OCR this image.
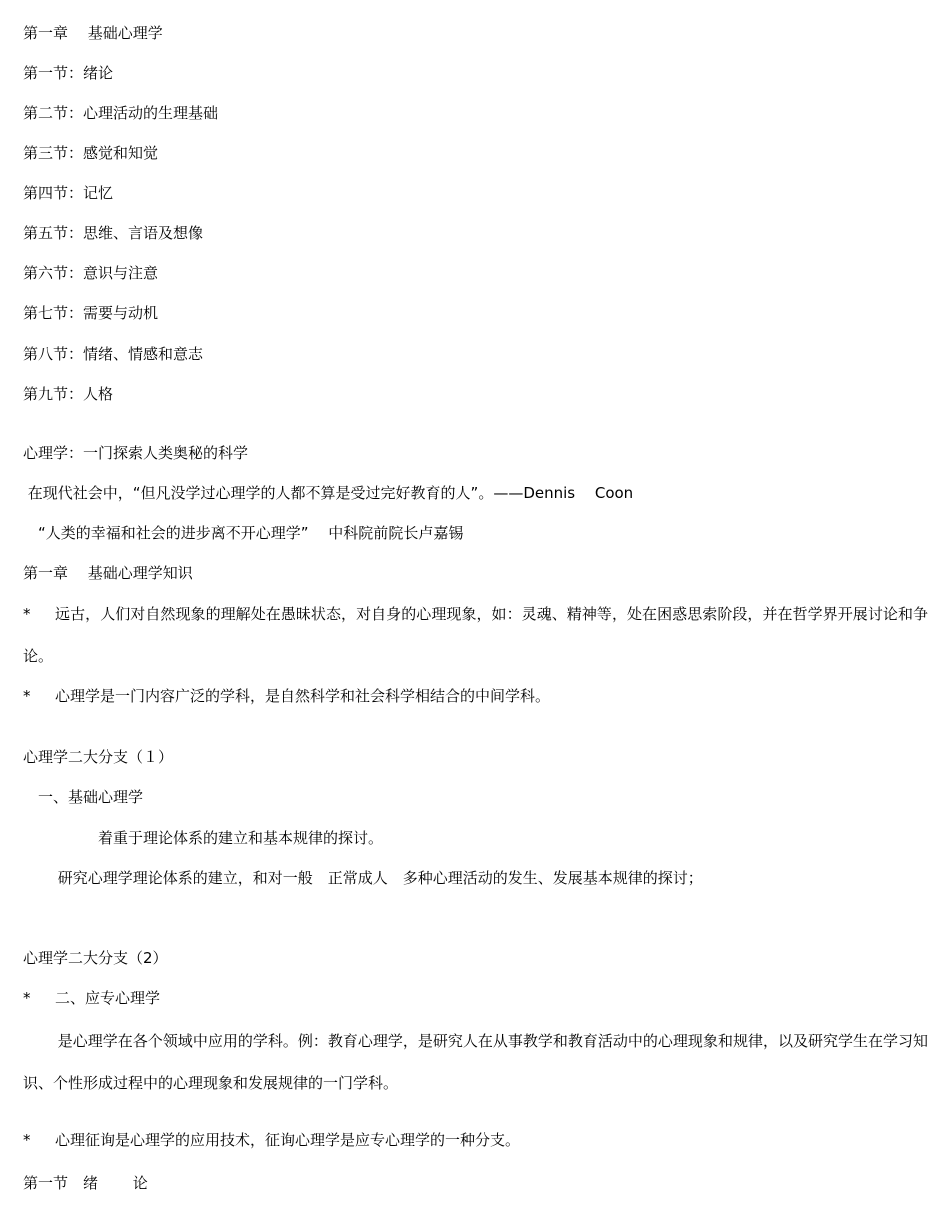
第一章　 基础心理学
第一节：绪论
第二节：心理活动的生理基础
第三节：感觉和知觉
第四节：记忆
第五节：思维、言语及想像
第六节：意识与注意
第七节：需要与动机
第八节：情绪、情感和意志
第九节：人格
心理学：一门探索人类奥秘的科学
在现代社会中，“但凡没学过心理学的人都不算是受过完好教育的人”。——Dennis　 Coon
　“人类的幸福和社会的进步离不开心理学”　 中科院前院长卢嘉锡
第一章　 基础心理学知识
* 远古，人们对自然现象的理解处在愚昧状态，对自身的心理现象，如：灵魂、精神等，处在困惑思索阶段，并在哲学界开展讨论和争论。
* 心理学是一门内容广泛的学科，是自然科学和社会科学相结合的中间学科。
心理学二大分支（１）
　一、基础心理学
　　　　　着重于理论体系的建立和基本规律的探讨。
　　 研究心理学理论体系的建立，和对一般　正常成人　多种心理活动的发生、发展基本规律的探讨；
心理学二大分支（2）
* 二、应专心理学
　　 是心理学在各个领域中应用的学科。例：教育心理学，是研究人在从事教学和教育活动中的心理现象和规律，以及研究学生在学习知识、个性形成过程中的心理现象和发展规律的一门学科。
* 心理征询是心理学的应用技术，征询心理学是应专心理学的一种分支。
第一节　绪　　 论
